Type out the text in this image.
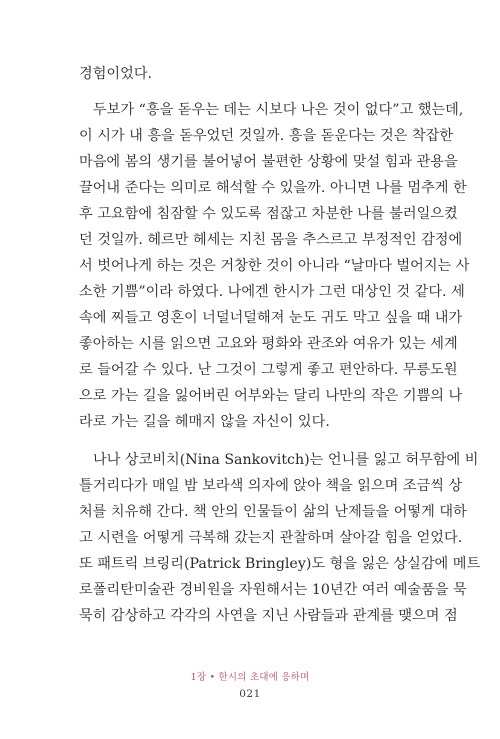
경험이었다.
두보가 “흥을 돋우는 데는 시보다 나은 것이 없다”고 했는데,
이 시가 내 흥을 돋우었던 것일까. 흥을 돋운다는 것은 착잡한
마음에 봄의 생기를 불어넣어 불편한 상황에 맞설 힘과 관용을
끌어내 준다는 의미로 해석할 수 있을까. 아니면 나를 멈추게 한
후 고요함에 침잠할 수 있도록 점잖고 차분한 나를 불러일으켰
던 것일까. 헤르만 헤세는 지친 몸을 추스르고 부정적인 감정에
서 벗어나게 하는 것은 거창한 것이 아니라 “날마다 벌어지는 사
소한 기쁨”이라 하였다. 나에겐 한시가 그런 대상인 것 같다. 세
속에 찌들고 영혼이 너덜너덜해져 눈도 귀도 막고 싶을 때 내가
좋아하는 시를 읽으면 고요와 평화와 관조와 여유가 있는 세계
로 들어갈 수 있다. 난 그것이 그렇게 좋고 편안하다. 무릉도원
으로 가는 길을 잃어버린 어부와는 달리 나만의 작은 기쁨의 나
라로 가는 길을 헤매지 않을 자신이 있다.
나나 상코비치(Nina Sankovitch)는 언니를 잃고 허무함에 비
틀거리다가 매일 밤 보라색 의자에 앉아 책을 읽으며 조금씩 상
처를 치유해 간다. 책 안의 인물들이 삶의 난제들을 어떻게 대하
고 시련을 어떻게 극복해 갔는지 관찰하며 살아갈 힘을 얻었다.
또 패트릭 브링리(Patrick Bringley)도 형을 잃은 상실감에 메트
로폴리탄미술관 경비원을 자원해서는 10년간 여러 예술품을 묵
묵히 감상하고 각각의 사연을 지닌 사람들과 관계를 맺으며 점
1장 • 한시의 초대에 응하며
021
